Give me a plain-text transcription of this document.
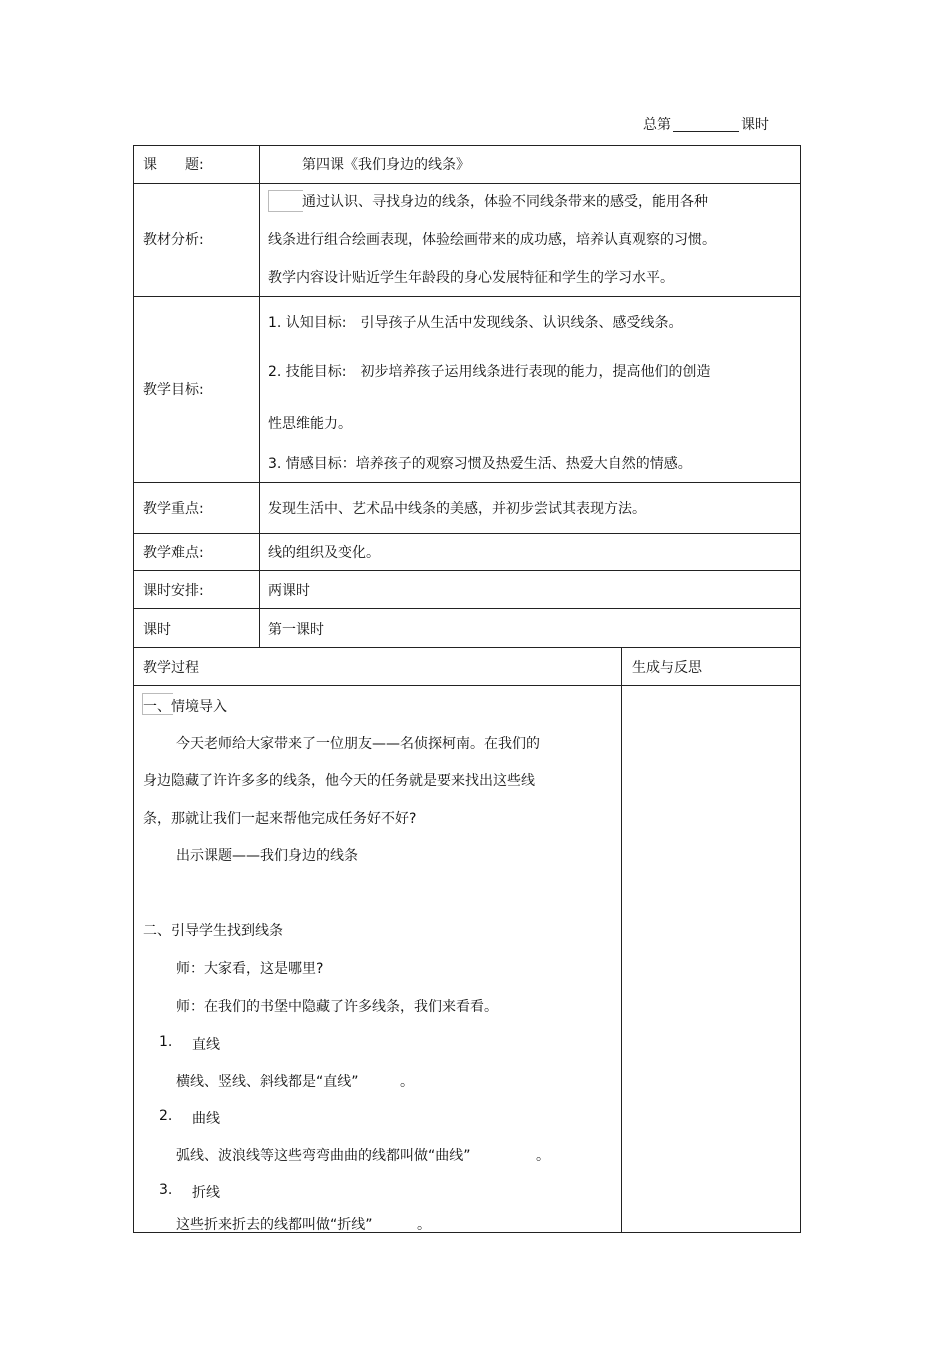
总第	课时
课　　题:	第四课《我们身边的线条》
教材分析:
通过认识、寻找身边的线条，体验不同线条带来的感受，能用各种
线条进行组合绘画表现，体验绘画带来的成功感，培养认真观察的习惯。
教学内容设计贴近学生年龄段的身心发展特征和学生的学习水平。
教学目标:
1. 认知目标:　引导孩子从生活中发现线条、认识线条、感受线条。
2. 技能目标:　初步培养孩子运用线条进行表现的能力，提高他们的创造
性思维能力。
3. 情感目标：培养孩子的观察习惯及热爱生活、热爱大自然的情感。
教学重点:	发现生活中、艺术品中线条的美感，并初步尝试其表现方法。
教学难点:	线的组织及变化。
课时安排:	两课时
课时	第一课时
教学过程	生成与反思
一、情境导入
今天老师给大家带来了一位朋友——名侦探柯南。在我们的
身边隐藏了许许多多的线条，他今天的任务就是要来找出这些线
条，那就让我们一起来帮他完成任务好不好?
出示课题——我们身边的线条
二、引导学生找到线条
师：大家看，这是哪里?
师：在我们的书堡中隐藏了许多线条，我们来看看。
1. 直线
横线、竖线、斜线都是“直线”	。
2. 曲线
弧线、波浪线等这些弯弯曲曲的线都叫做“曲线”	。
3. 折线
这些折来折去的线都叫做“折线”	。
